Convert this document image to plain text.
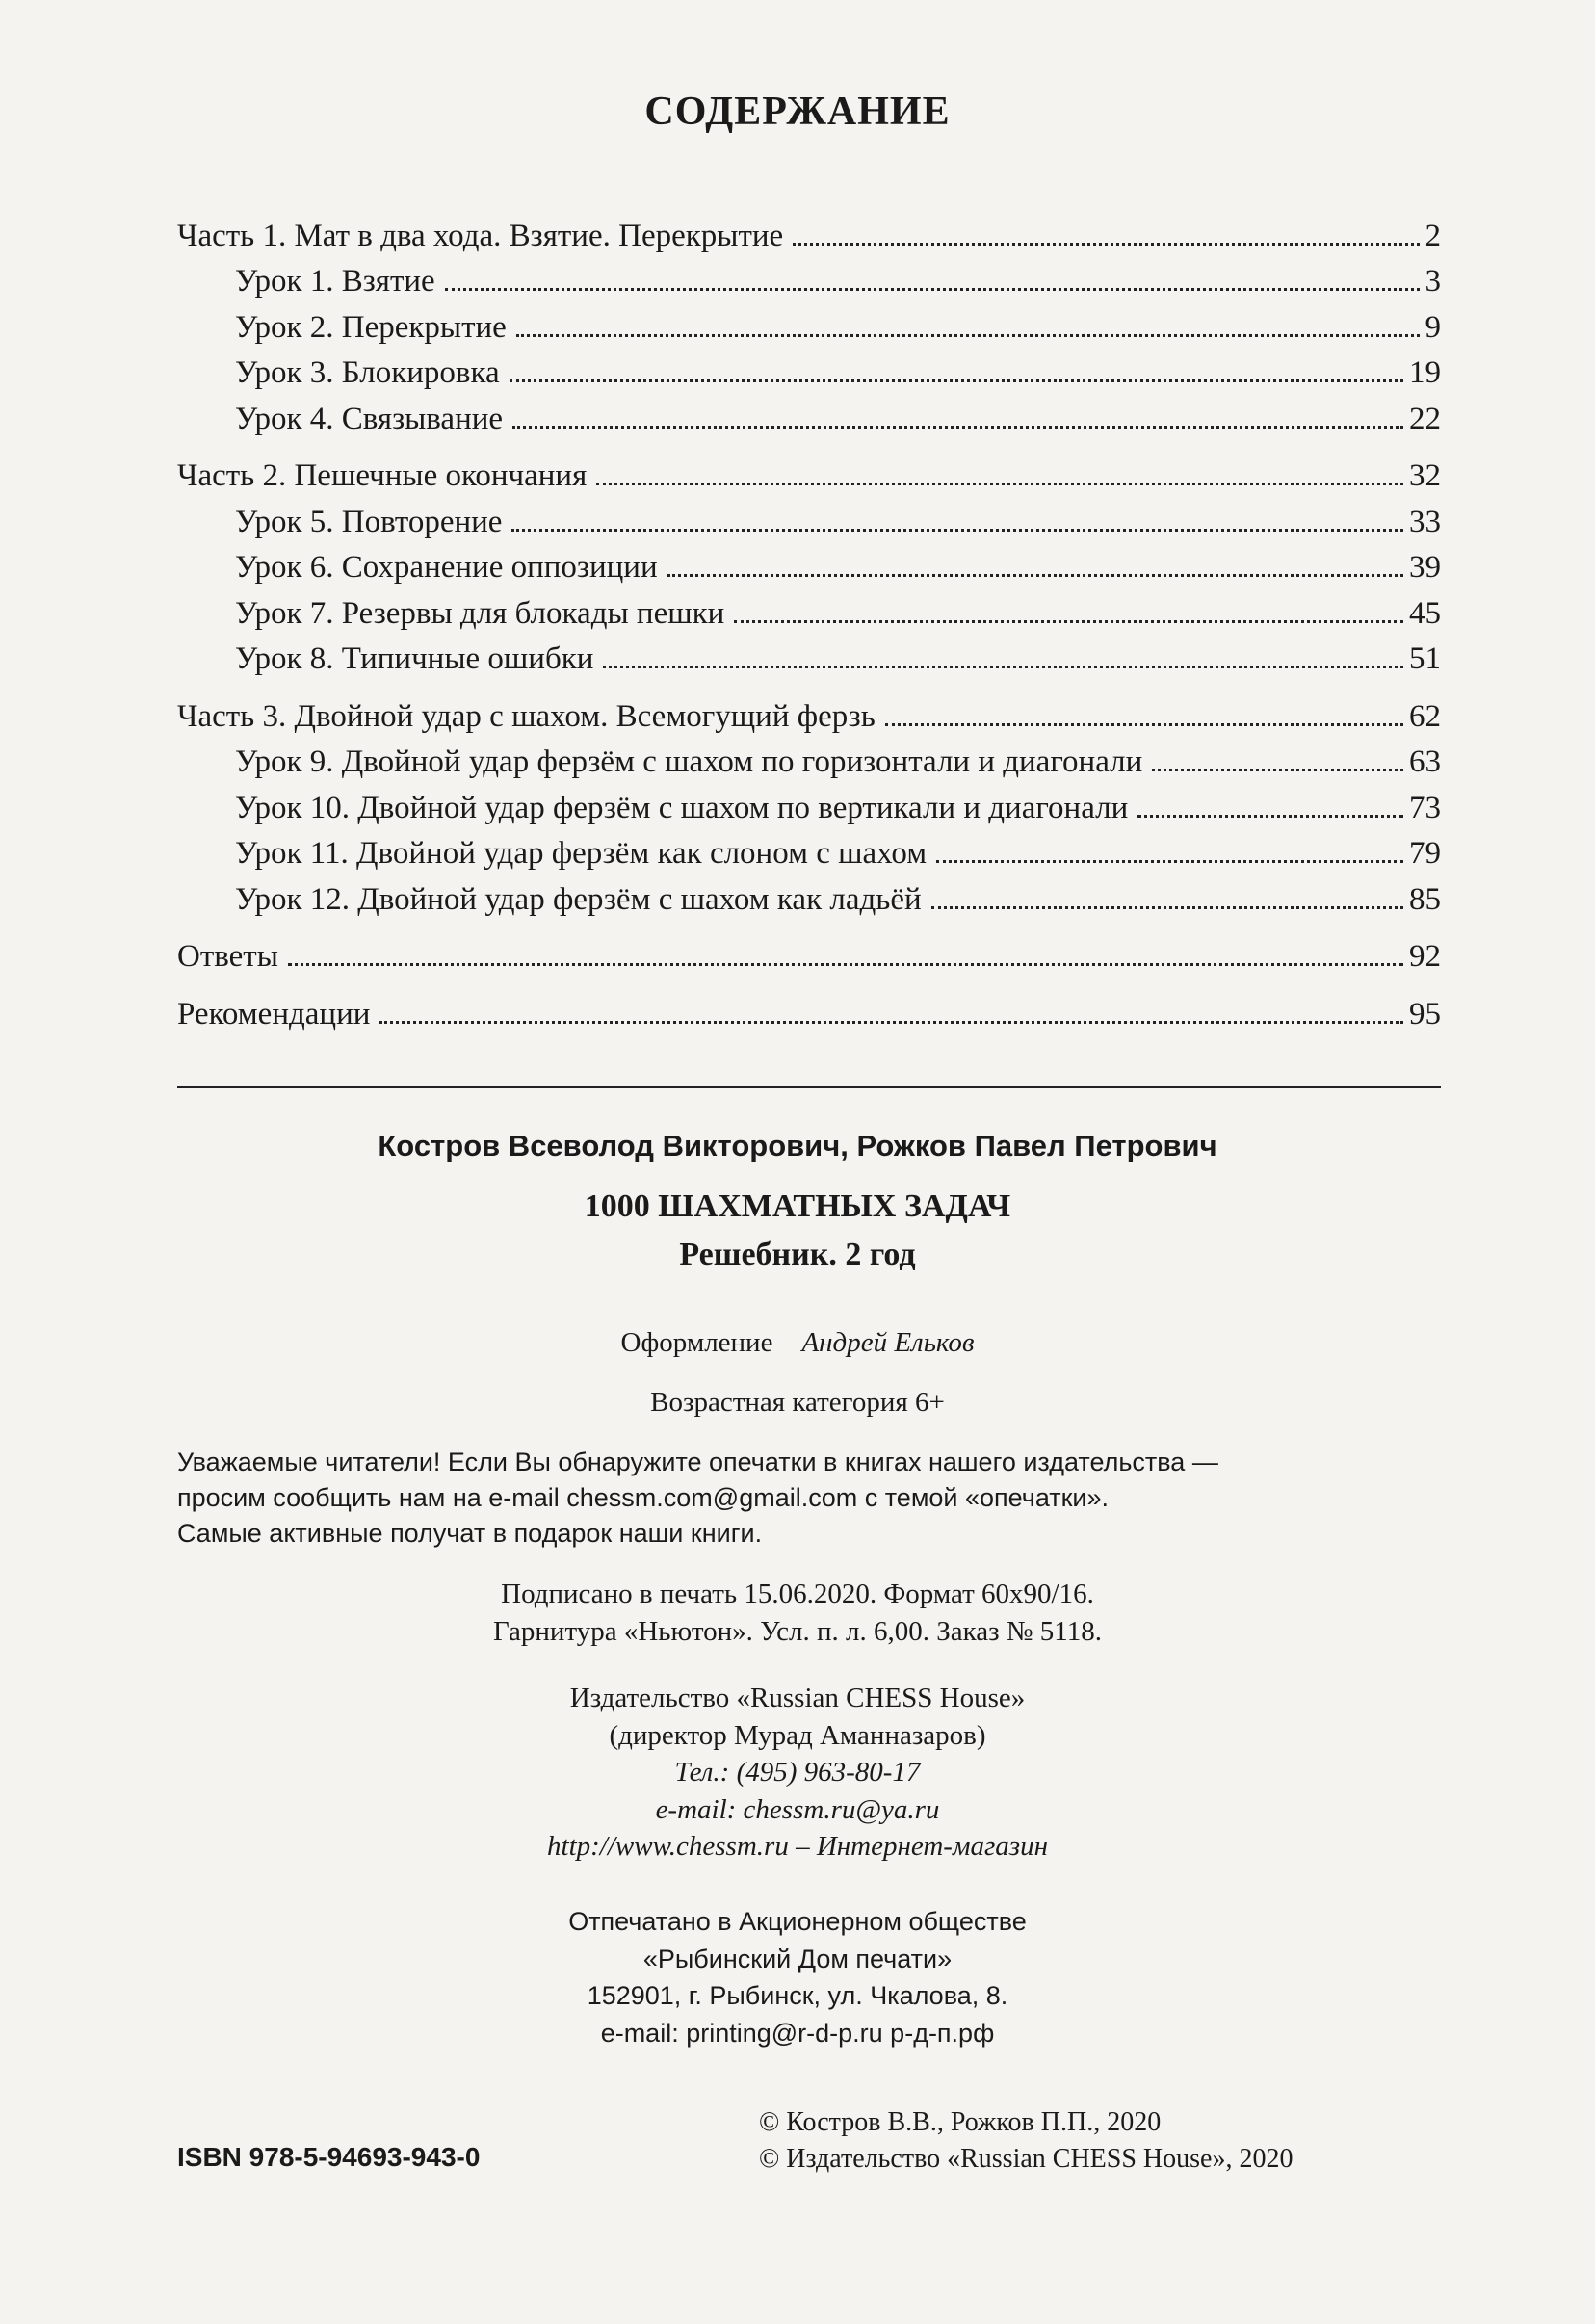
СОДЕРЖАНИЕ
Часть 1. Мат в два хода. Взятие. Перекрытие	2
Урок 1. Взятие	3
Урок 2. Перекрытие	9
Урок 3. Блокировка	19
Урок 4. Связывание	22
Часть 2. Пешечные окончания	32
Урок 5. Повторение	33
Урок 6. Сохранение оппозиции	39
Урок 7. Резервы для блокады пешки	45
Урок 8. Типичные ошибки	51
Часть 3. Двойной удар с шахом. Всемогущий ферзь	62
Урок 9. Двойной удар ферзём с шахом по горизонтали и диагонали	63
Урок 10. Двойной удар ферзём с шахом по вертикали и диагонали	73
Урок 11. Двойной удар ферзём как слоном с шахом	79
Урок 12. Двойной удар ферзём с шахом как ладьёй	85
Ответы	92
Рекомендации	95
Костров Всеволод Викторович, Рожков Павел Петрович
1000 ШАХМАТНЫХ ЗАДАЧ
Решебник. 2 год
Оформление Андрей Ельков
Возрастная категория 6+
Уважаемые читатели! Если Вы обнаружите опечатки в книгах нашего издательства —
просим сообщить нам на e-mail chessm.com@gmail.com с темой «опечатки».
Самые активные получат в подарок наши книги.
Подписано в печать 15.06.2020. Формат 60х90/16.
Гарнитура «Ньютон». Усл. п. л. 6,00. Заказ № 5118.
Издательство «Russian CHESS House»
(директор Мурад Аманназаров)
Тел.: (495) 963-80-17
e-mail: chessm.ru@ya.ru
http://www.chessm.ru – Интернет-магазин
Отпечатано в Акционерном обществе
«Рыбинский Дом печати»
152901, г. Рыбинск, ул. Чкалова, 8.
e-mail: printing@r-d-p.ru р-д-п.рф
© Костров В.В., Рожков П.П., 2020
© Издательство «Russian CHESS House», 2020
ISBN 978-5-94693-943-0
